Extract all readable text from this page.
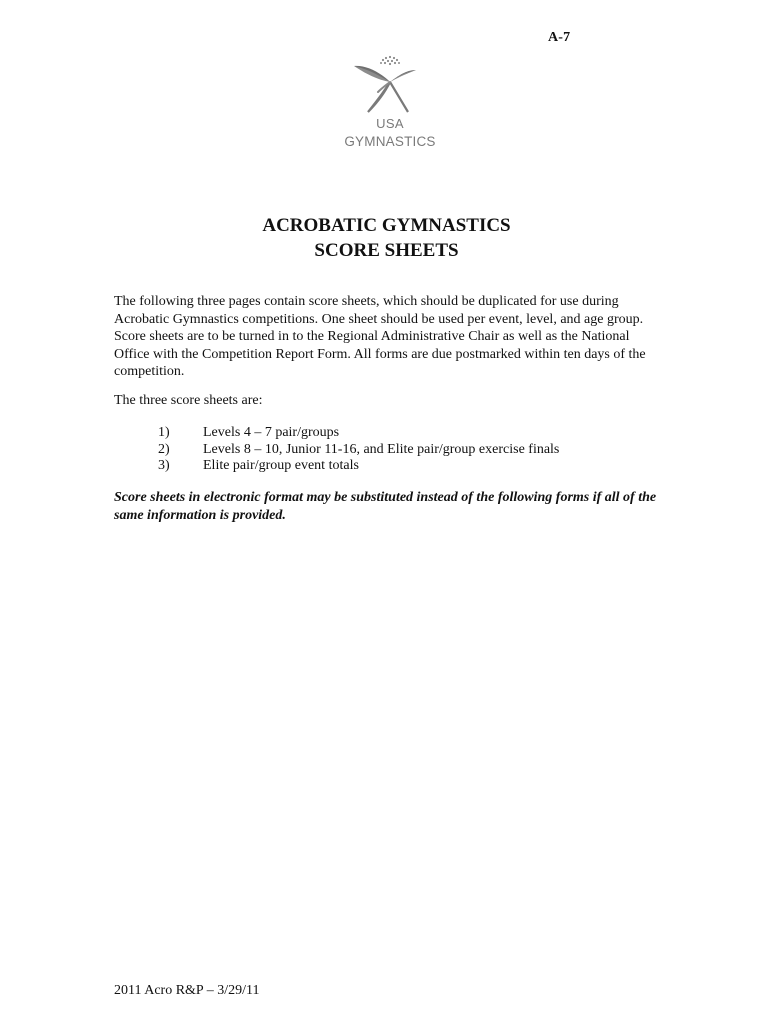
A-7
USA
GYMNASTICS
ACROBATIC GYMNASTICS
SCORE SHEETS

The following three pages contain score sheets, which should be duplicated for use during
Acrobatic Gymnastics competitions. One sheet should be used per event, level, and age group.
Score sheets are to be turned in to the Regional Administrative Chair as well as the National
Office with the Competition Report Form. All forms are due postmarked within ten days of the
competition.

The three score sheets are:

1) Levels 4 – 7 pair/groups
2) Levels 8 – 10, Junior 11-16, and Elite pair/group exercise finals
3) Elite pair/group event totals

Score sheets in electronic format may be substituted instead of the following forms if all of the
same information is provided.

2011 Acro R&P – 3/29/11
